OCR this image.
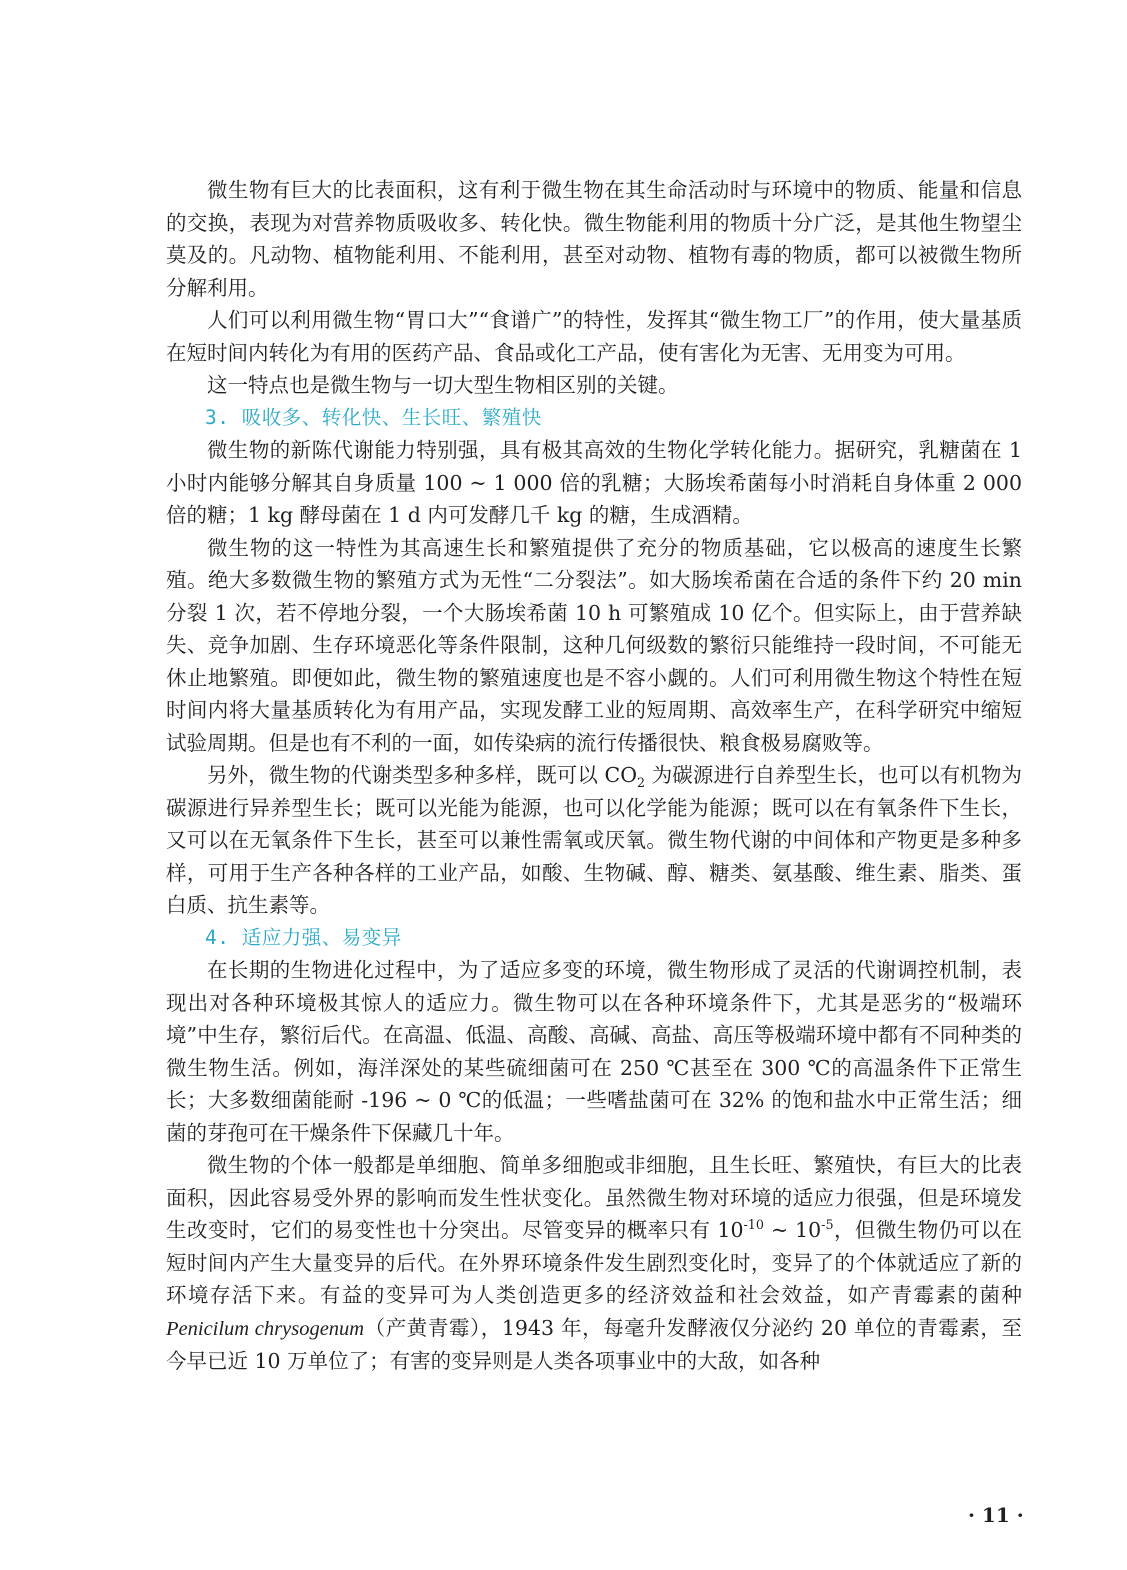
微生物有巨大的比表面积，这有利于微生物在其生命活动时与环境中的物质、能量和信息的交换，表现为对营养物质吸收多、转化快。微生物能利用的物质十分广泛，是其他生物望尘莫及的。凡动物、植物能利用、不能利用，甚至对动物、植物有毒的物质，都可以被微生物所分解利用。

人们可以利用微生物“胃口大”“食谱广”的特性，发挥其“微生物工厂”的作用，使大量基质在短时间内转化为有用的医药产品、食品或化工产品，使有害化为无害、无用变为可用。

这一特点也是微生物与一切大型生物相区别的关键。

3. 吸收多、转化快、生长旺、繁殖快

微生物的新陈代谢能力特别强，具有极其高效的生物化学转化能力。据研究，乳糖菌在 1 小时内能够分解其自身质量 100 ~ 1 000 倍的乳糖；大肠埃希菌每小时消耗自身体重 2 000 倍的糖；1 kg 酵母菌在 1 d 内可发酵几千 kg 的糖，生成酒精。

微生物的这一特性为其高速生长和繁殖提供了充分的物质基础，它以极高的速度生长繁殖。绝大多数微生物的繁殖方式为无性“二分裂法”。如大肠埃希菌在合适的条件下约 20 min 分裂 1 次，若不停地分裂，一个大肠埃希菌 10 h 可繁殖成 10 亿个。但实际上，由于营养缺失、竞争加剧、生存环境恶化等条件限制，这种几何级数的繁衍只能维持一段时间，不可能无休止地繁殖。即便如此，微生物的繁殖速度也是不容小觑的。人们可利用微生物这个特性在短时间内将大量基质转化为有用产品，实现发酵工业的短周期、高效率生产，在科学研究中缩短试验周期。但是也有不利的一面，如传染病的流行传播很快、粮食极易腐败等。

另外，微生物的代谢类型多种多样，既可以 $CO_2$ 为碳源进行自养型生长，也可以有机物为碳源进行异养型生长；既可以光能为能源，也可以化学能为能源；既可以在有氧条件下生长，又可以在无氧条件下生长，甚至可以兼性需氧或厌氧。微生物代谢的中间体和产物更是多种多样，可用于生产各种各样的工业产品，如酸、生物碱、醇、糖类、氨基酸、维生素、脂类、蛋白质、抗生素等。

4. 适应力强、易变异

在长期的生物进化过程中，为了适应多变的环境，微生物形成了灵活的代谢调控机制，表现出对各种环境极其惊人的适应力。微生物可以在各种环境条件下，尤其是恶劣的“极端环境”中生存，繁衍后代。在高温、低温、高酸、高碱、高盐、高压等极端环境中都有不同种类的微生物生活。例如，海洋深处的某些硫细菌可在 250 ℃甚至在 300 ℃的高温条件下正常生长；大多数细菌能耐 -196 ~ 0 ℃的低温；一些嗜盐菌可在 32% 的饱和盐水中正常生活；细菌的芽孢可在干燥条件下保藏几十年。

微生物的个体一般都是单细胞、简单多细胞或非细胞，且生长旺、繁殖快，有巨大的比表面积，因此容易受外界的影响而发生性状变化。虽然微生物对环境的适应力很强，但是环境发生改变时，它们的易变性也十分突出。尽管变异的概率只有 $10^{-10}$ ~ $10^{-5}$，但微生物仍可以在短时间内产生大量变异的后代。在外界环境条件发生剧烈变化时，变异了的个体就适应了新的环境存活下来。有益的变异可为人类创造更多的经济效益和社会效益，如产青霉素的菌种 Penicilum chrysogenum（产黄青霉），1943 年，每毫升发酵液仅分泌约 20 单位的青霉素，至今早已近 10 万单位了；有害的变异则是人类各项事业中的大敌，如各种

· 11 ·
